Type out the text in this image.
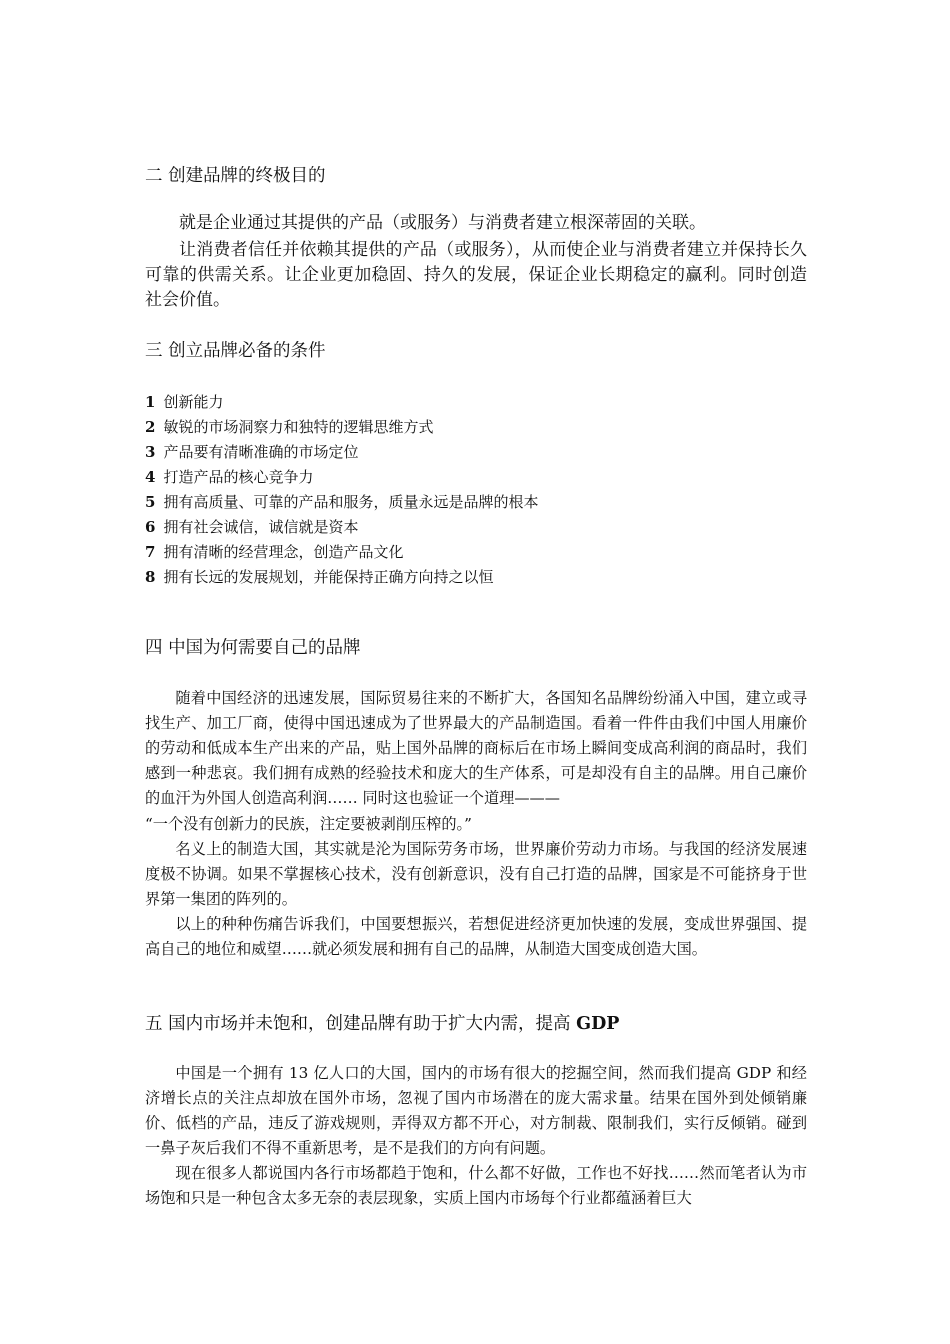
二 创建品牌的终极目的

就是企业通过其提供的产品（或服务）与消费者建立根深蒂固的关联。

让消费者信任并依赖其提供的产品（或服务），从而使企业与消费者建立并保持长久可靠的供需关系。让企业更加稳固、持久的发展，保证企业长期稳定的赢利。同时创造社会价值。

三 创立品牌必备的条件
1 创新能力
2 敏锐的市场洞察力和独特的逻辑思维方式
3 产品要有清晰准确的市场定位
4 打造产品的核心竞争力
5 拥有高质量、可靠的产品和服务，质量永远是品牌的根本
6 拥有社会诚信，诚信就是资本
7 拥有清晰的经营理念，创造产品文化
8 拥有长远的发展规划，并能保持正确方向持之以恒
四 中国为何需要自己的品牌

随着中国经济的迅速发展，国际贸易往来的不断扩大，各国知名品牌纷纷涌入中国，建立或寻找生产、加工厂商，使得中国迅速成为了世界最大的产品制造国。看着一件件由我们中国人用廉价的劳动和低成本生产出来的产品，贴上国外品牌的商标后在市场上瞬间变成高利润的商品时，我们感到一种悲哀。我们拥有成熟的经验技术和庞大的生产体系，可是却没有自主的品牌。用自己廉价的血汗为外国人创造高利润…… 同时这也验证一个道理———

“一个没有创新力的民族，注定要被剥削压榨的。”

名义上的制造大国，其实就是沦为国际劳务市场，世界廉价劳动力市场。与我国的经济发展速度极不协调。如果不掌握核心技术，没有创新意识，没有自己打造的品牌，国家是不可能挤身于世界第一集团的阵列的。

以上的种种伤痛告诉我们，中国要想振兴，若想促进经济更加快速的发展，变成世界强国、提高自己的地位和威望……就必须发展和拥有自己的品牌，从制造大国变成创造大国。

五 国内市场并未饱和，创建品牌有助于扩大内需，提高 GDP

中国是一个拥有 13 亿人口的大国，国内的市场有很大的挖掘空间，然而我们提高 GDP 和经济增长点的关注点却放在国外市场，忽视了国内市场潜在的庞大需求量。结果在国外到处倾销廉价、低档的产品，违反了游戏规则，弄得双方都不开心，对方制裁、限制我们，实行反倾销。碰到一鼻子灰后我们不得不重新思考，是不是我们的方向有问题。

现在很多人都说国内各行市场都趋于饱和，什么都不好做，工作也不好找……然而笔者认为市场饱和只是一种包含太多无奈的表层现象，实质上国内市场每个行业都蕴涵着巨大
